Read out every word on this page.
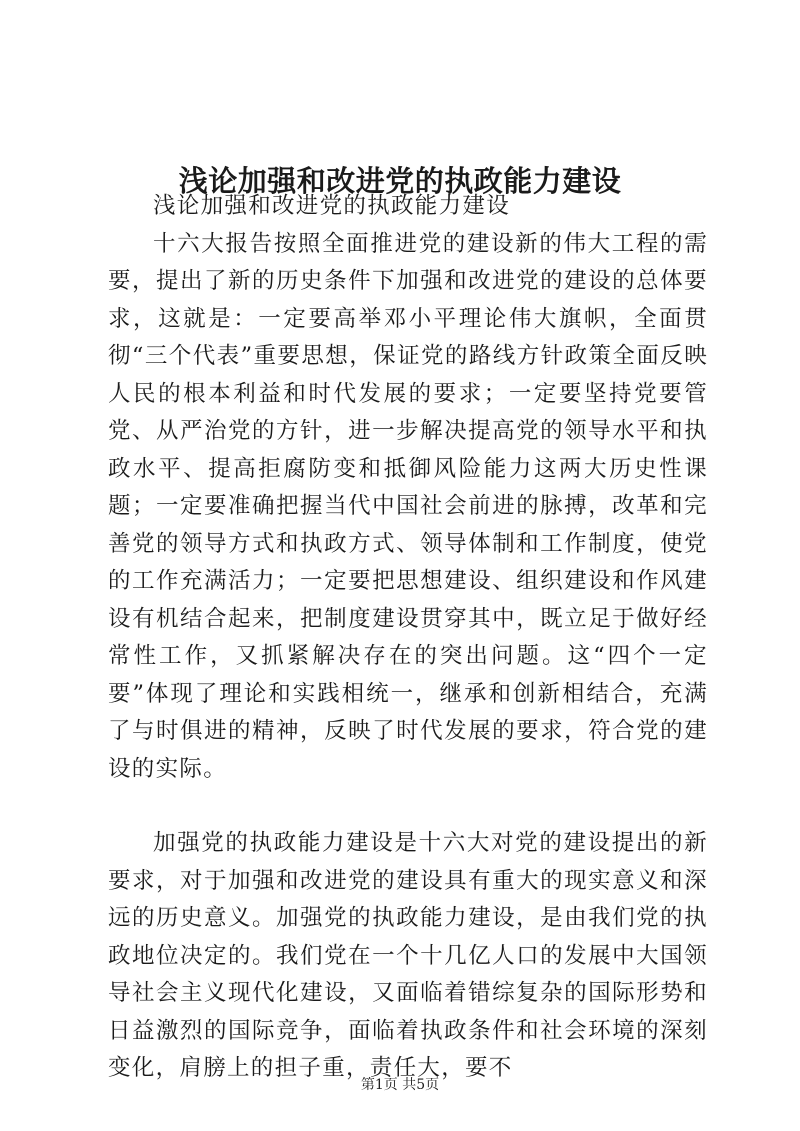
浅论加强和改进党的执政能力建设

浅论加强和改进党的执政能力建设

十六大报告按照全面推进党的建设新的伟大工程的需要，提出了新的历史条件下加强和改进党的建设的总体要求，这就是：一定要高举邓小平理论伟大旗帜，全面贯彻“三个代表”重要思想，保证党的路线方针政策全面反映人民的根本利益和时代发展的要求；一定要坚持党要管党、从严治党的方针，进一步解决提高党的领导水平和执政水平、提高拒腐防变和抵御风险能力这两大历史性课题；一定要准确把握当代中国社会前进的脉搏，改革和完善党的领导方式和执政方式、领导体制和工作制度，使党的工作充满活力；一定要把思想建设、组织建设和作风建设有机结合起来，把制度建设贯穿其中，既立足于做好经常性工作，又抓紧解决存在的突出问题。这“四个一定要”体现了理论和实践相统一，继承和创新相结合，充满了与时俱进的精神，反映了时代发展的要求，符合党的建设的实际。

加强党的执政能力建设是十六大对党的建设提出的新要求，对于加强和改进党的建设具有重大的现实意义和深远的历史意义。加强党的执政能力建设，是由我们党的执政地位决定的。我们党在一个十几亿人口的发展中大国领导社会主义现代化建设，又面临着错综复杂的国际形势和日益激烈的国际竞争，面临着执政条件和社会环境的深刻变化，肩膀上的担子重，责任大，要不

第1页 共5页
